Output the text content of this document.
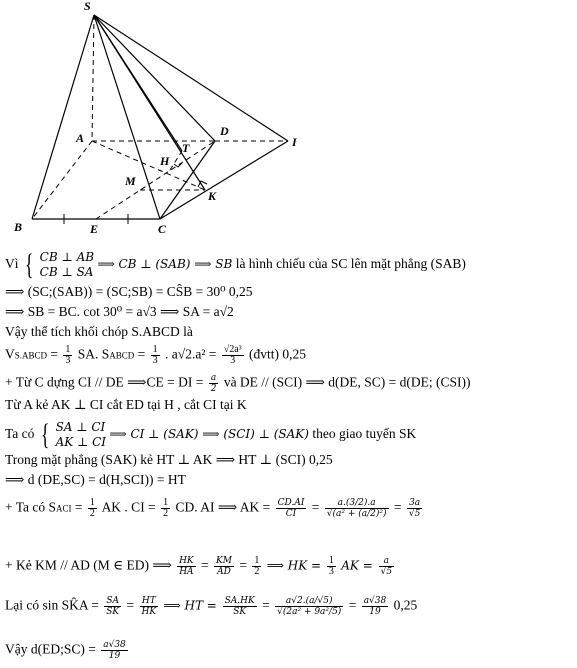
S
A
B	E	C
D
I
T
H
M
K
Vì { CB ⊥ AB
CB ⊥ SA
⟹ CB ⊥ (SAB) ⟹ SB là hình chiếu của SC lên mặt phẳng (SAB)
⟹ (SC;(SAB)) = (SC;SB) = CŜB = 30⁰ 0,25
⟹ SB = BC. cot 30⁰ = a√3 ⟹ SA = a√2
Vậy thể tích khối chóp S.ABCD là
VS.ABCD = $\frac{1}{3}$ SA. SABCD = $\frac{1}{3}$ . $a√2.a^2 = \frac{\text{√2a³}}{3}$ (đvtt) 0,25
+ Từ C dựng CI // DE ⟹CE = DI = $\frac{a}{2}$ và DE // (SCI) ⟹ d(DE, SC) = d(DE; (CSI))
Từ A kẻ AK ⊥ CI cắt ED tại H , cắt CI tại K
Ta có { SA ⊥ CI
AK ⊥ CI
⟹ CI ⊥ (SAK) ⟹ (SCI) ⊥ (SAK) theo giao tuyến SK
Trong mặt phẳng (SAK) kẻ HT ⊥ AK ⟹ HT ⊥ (SCI) 0,25
⟹ d (DE,SC) = d(H,SCI)) = HT
+ Ta có SACI = $\frac{1}{2}$ AK . CI = $\frac{1}{2}$ CD. AI ⟹ AK = $\frac{CD.AI}{CI} = \frac{a.(3/2).a}{\text{√(a² + (a/2)²)}} = \frac{3a}{√5}$
+ Kẻ KM // AD (M ∈ ED) ⟹ $\frac{HK}{HA} = \frac{KM}{AD} = \frac{1}{2}$ ⟹ HK = $\frac{1}{3}$ AK = $\frac{a}{√5}$
Lại có sin SK̂A = $\frac{SA}{SK} = \frac{HT}{HK}$ ⟹ HT = $\frac{SA.HK}{SK} = \frac{a√2.(a/√5)}{\text{√(2a² + 9a²/5)}} = \frac{a√38}{19} 0,25$
Vậy d(ED;SC) = $\frac{a√38}{19}$
